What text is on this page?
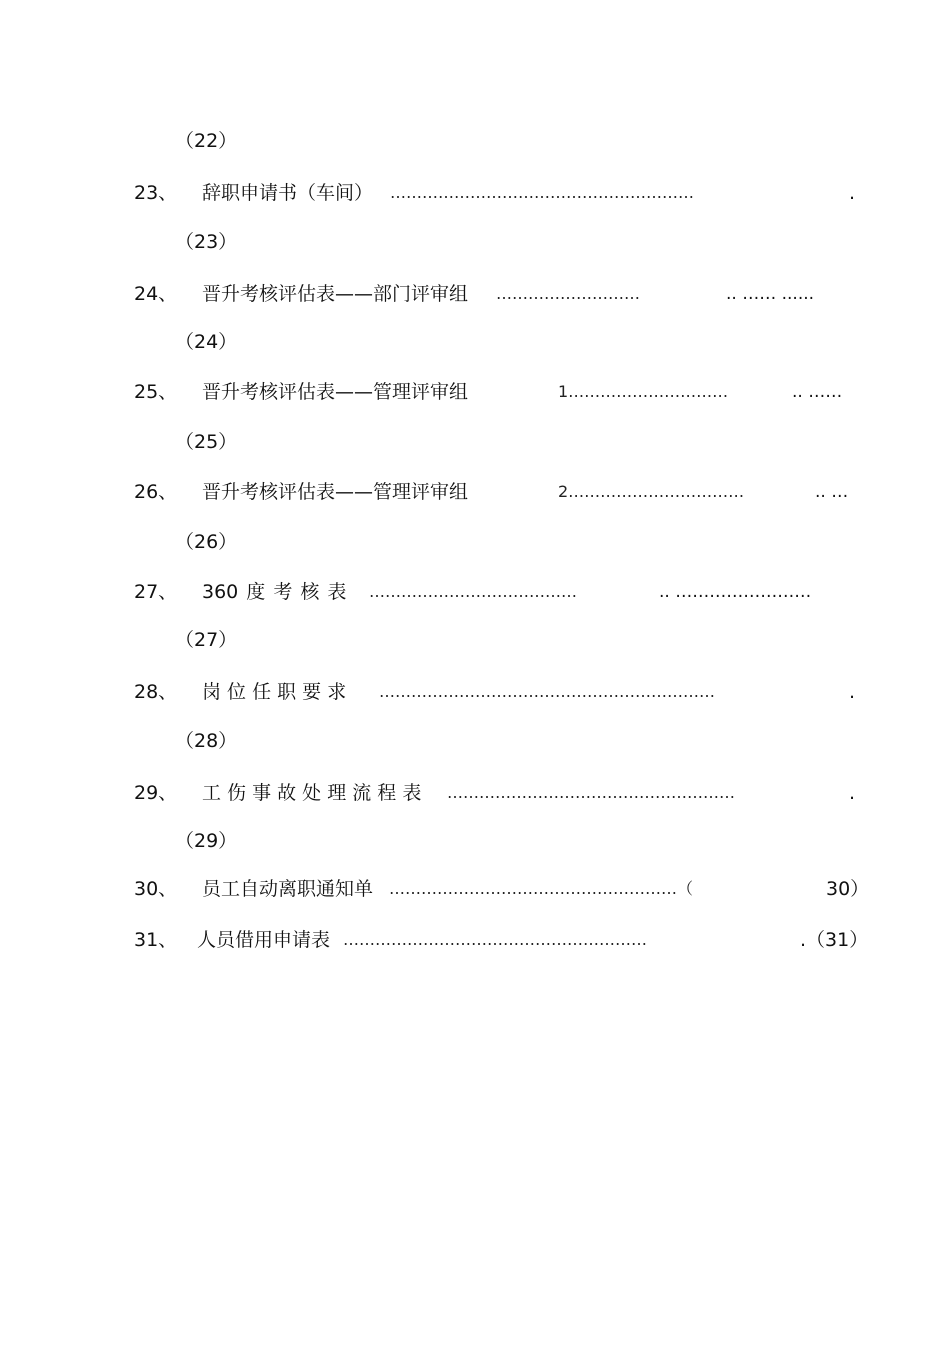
（22）
23、 辞职申请书（车间） …………………………………………………	.
（23）
24、 晋升考核评估表——部门评审组 ………………………	.. …… ......
（24）
25、 晋升考核评估表——管理评审组	1…………………………	.. ……
（25）
26、 晋升考核评估表——管理评审组	2……………………………	.. …
（26）
27、 360 度 考 核 表 …………………………………	.. ……………………
（27）
28、 岗 位 任 职 要 求 ………………………………………………………	.
（28）
29、 工 伤 事 故 处 理 流 程 表 ………………………………………………	.
（29）
30、 员工自动离职通知单 ………………………………………………（	30）
31、 人员借用申请表 …………………………………………………	.（31）
